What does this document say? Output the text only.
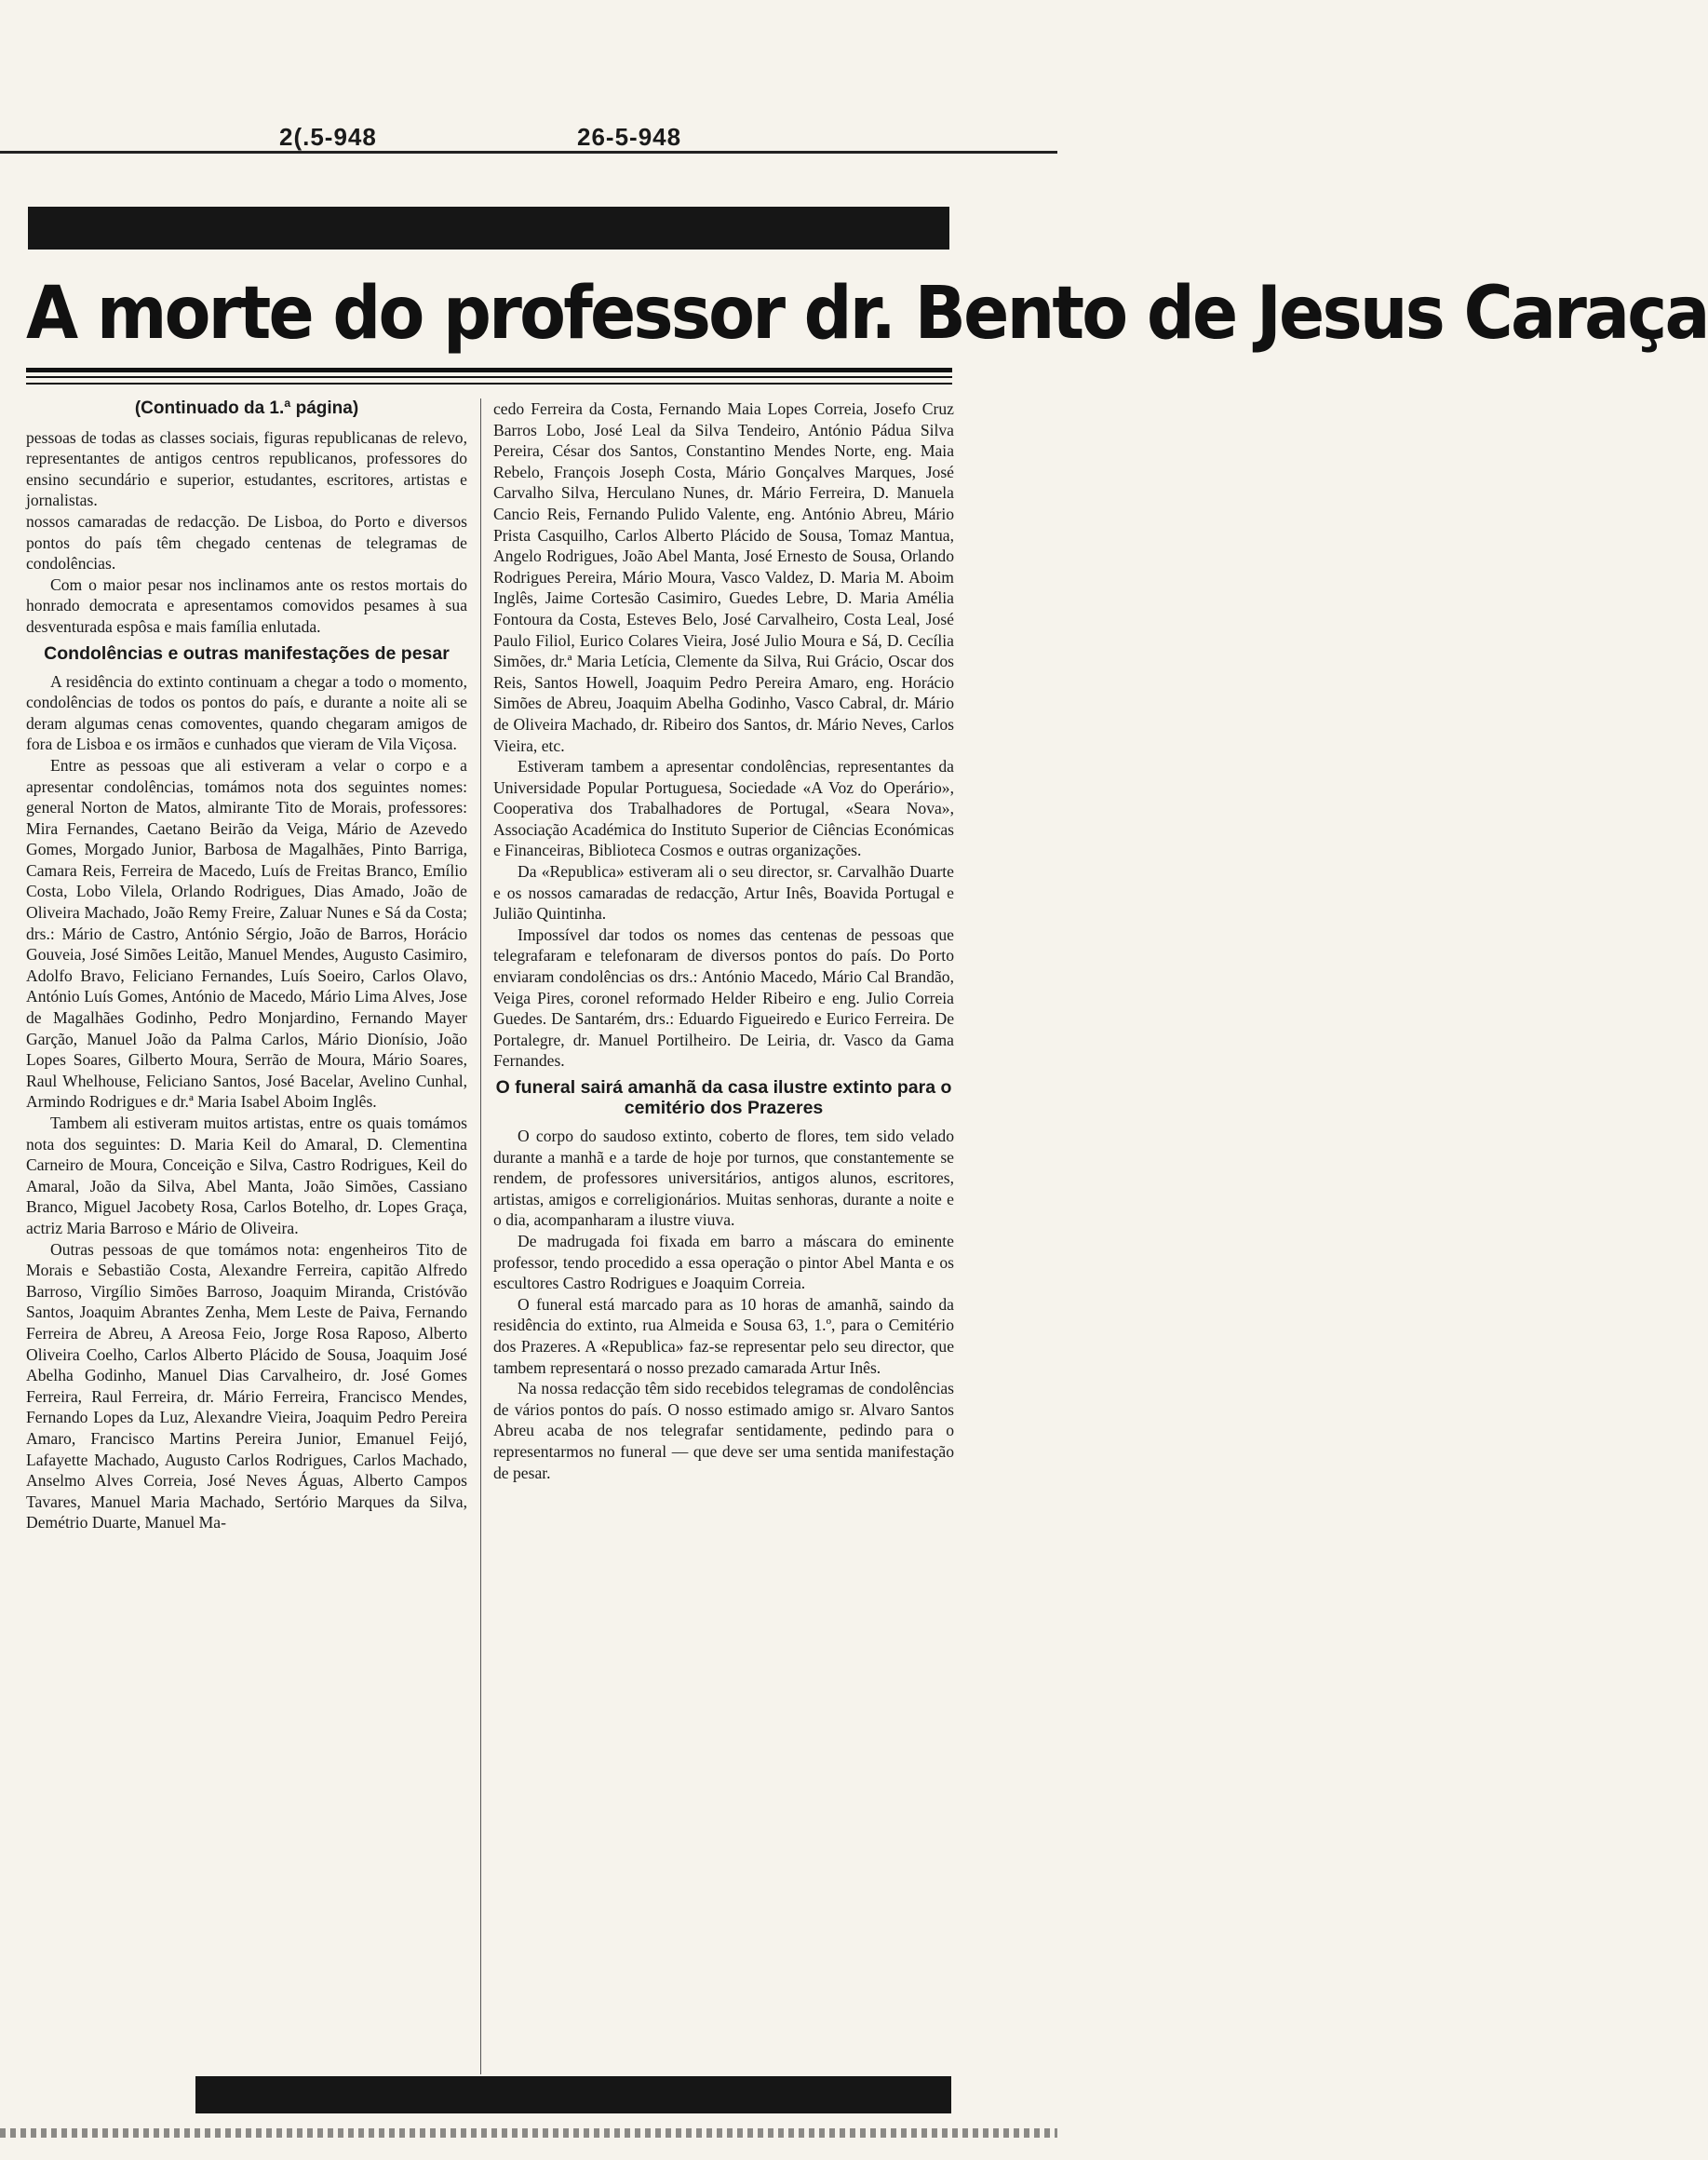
2(.5-948	26-5-948
A morte do professor dr. Bento de Jesus Caraça

(Continuado da 1.ª página)

pessoas de todas as classes sociais, figuras republicanas de relevo, representantes de antigos centros republicanos, professores do ensino secundário e superior, estudantes, escritores, artistas e jornalistas.

nossos camaradas de redacção. De Lisboa, do Porto e diversos pontos do país têm chegado centenas de telegramas de condolências.

Com o maior pesar nos inclinamos ante os restos mortais do honrado democrata e apresentamos comovidos pesames à sua desventurada espôsa e mais família enlutada.

Condolências e outras manifestações de pesar

A residência do extinto continuam a chegar a todo o momento, condolências de todos os pontos do país, e durante a noite ali se deram algumas cenas comoventes, quando chegaram amigos de fora de Lisboa e os irmãos e cunhados que vieram de Vila Viçosa.

Entre as pessoas que ali estiveram a velar o corpo e a apresentar condolências, tomámos nota dos seguintes nomes: general Norton de Matos, almirante Tito de Morais, professores: Mira Fernandes, Caetano Beirão da Veiga, Mário de Azevedo Gomes, Morgado Junior, Barbosa de Magalhães, Pinto Barriga, Camara Reis, Ferreira de Macedo, Luís de Freitas Branco, Emílio Costa, Lobo Vilela, Orlando Rodrigues, Dias Amado, João de Oliveira Machado, João Remy Freire, Zaluar Nunes e Sá da Costa; drs.: Mário de Castro, António Sérgio, João de Barros, Horácio Gouveia, José Simões Leitão, Manuel Mendes, Augusto Casimiro, Adolfo Bravo, Feliciano Fernandes, Luís Soeiro, Carlos Olavo, António Luís Gomes, António de Macedo, Mário Lima Alves, Jose de Magalhães Godinho, Pedro Monjardino, Fernando Mayer Garção, Manuel João da Palma Carlos, Mário Dionísio, João Lopes Soares, Gilberto Moura, Serrão de Moura, Mário Soares, Raul Whelhouse, Feliciano Santos, José Bacelar, Avelino Cunhal, Armindo Rodrigues e dr.ª Maria Isabel Aboim Inglês.

Tambem ali estiveram muitos artistas, entre os quais tomámos nota dos seguintes: D. Maria Keil do Amaral, D. Clementina Carneiro de Moura, Conceição e Silva, Castro Rodrigues, Keil do Amaral, João da Silva, Abel Manta, João Simões, Cassiano Branco, Miguel Jacobety Rosa, Carlos Botelho, dr. Lopes Graça, actriz Maria Barroso e Mário de Oliveira.

Outras pessoas de que tomámos nota: engenheiros Tito de Morais e Sebastião Costa, Alexandre Ferreira, capitão Alfredo Barroso, Virgílio Simões Barroso, Joaquim Miranda, Cristóvão Santos, Joaquim Abrantes Zenha, Mem Leste de Paiva, Fernando Ferreira de Abreu, A Areosa Feio, Jorge Rosa Raposo, Alberto Oliveira Coelho, Carlos Alberto Plácido de Sousa, Joaquim José Abelha Godinho, Manuel Dias Carvalheiro, dr. José Gomes Ferreira, Raul Ferreira, dr. Mário Ferreira, Francisco Mendes, Fernando Lopes da Luz, Alexandre Vieira, Joaquim Pedro Pereira Amaro, Francisco Martins Pereira Junior, Emanuel Feijó, Lafayette Machado, Augusto Carlos Rodrigues, Carlos Machado, Anselmo Alves Correia, José Neves Águas, Alberto Campos Tavares, Manuel Maria Machado, Sertório Marques da Silva, Demétrio Duarte, Manuel Ma-

cedo Ferreira da Costa, Fernando Maia Lopes Correia, Josefo Cruz Barros Lobo, José Leal da Silva Tendeiro, António Pádua Silva Pereira, César dos Santos, Constantino Mendes Norte, eng. Maia Rebelo, François Joseph Costa, Mário Gonçalves Marques, José Carvalho Silva, Herculano Nunes, dr. Mário Ferreira, D. Manuela Cancio Reis, Fernando Pulido Valente, eng. António Abreu, Mário Prista Casquilho, Carlos Alberto Plácido de Sousa, Tomaz Mantua, Angelo Rodrigues, João Abel Manta, José Ernesto de Sousa, Orlando Rodrigues Pereira, Mário Moura, Vasco Valdez, D. Maria M. Aboim Inglês, Jaime Cortesão Casimiro, Guedes Lebre, D. Maria Amélia Fontoura da Costa, Esteves Belo, José Carvalheiro, Costa Leal, José Paulo Filiol, Eurico Colares Vieira, José Julio Moura e Sá, D. Cecília Simões, dr.ª Maria Letícia, Clemente da Silva, Rui Grácio, Oscar dos Reis, Santos Howell, Joaquim Pedro Pereira Amaro, eng. Horácio Simões de Abreu, Joaquim Abelha Godinho, Vasco Cabral, dr. Mário de Oliveira Machado, dr. Ribeiro dos Santos, dr. Mário Neves, Carlos Vieira, etc.

Estiveram tambem a apresentar condolências, representantes da Universidade Popular Portuguesa, Sociedade «A Voz do Operário», Cooperativa dos Trabalhadores de Portugal, «Seara Nova», Associação Académica do Instituto Superior de Ciências Económicas e Financeiras, Biblioteca Cosmos e outras organizações.

Da «Republica» estiveram ali o seu director, sr. Carvalhão Duarte e os nossos camaradas de redacção, Artur Inês, Boavida Portugal e Julião Quintinha.

Impossível dar todos os nomes das centenas de pessoas que telegrafaram e telefonaram de diversos pontos do país. Do Porto enviaram condolências os drs.: António Macedo, Mário Cal Brandão, Veiga Pires, coronel reformado Helder Ribeiro e eng. Julio Correia Guedes. De Santarém, drs.: Eduardo Figueiredo e Eurico Ferreira. De Portalegre, dr. Manuel Portilheiro. De Leiria, dr. Vasco da Gama Fernandes.

O funeral sairá amanhã da casa ilustre extinto para o cemitério dos Prazeres

O corpo do saudoso extinto, coberto de flores, tem sido velado durante a manhã e a tarde de hoje por turnos, que constantemente se rendem, de professores universitários, antigos alunos, escritores, artistas, amigos e correligionários. Muitas senhoras, durante a noite e o dia, acompanharam a ilustre viuva.

De madrugada foi fixada em barro a máscara do eminente professor, tendo procedido a essa operação o pintor Abel Manta e os escultores Castro Rodrigues e Joaquim Correia.

O funeral está marcado para as 10 horas de amanhã, saindo da residência do extinto, rua Almeida e Sousa 63, 1.º, para o Cemitério dos Prazeres. A «Republica» faz-se representar pelo seu director, que tambem representará o nosso prezado camarada Artur Inês.

Na nossa redacção têm sido recebidos telegramas de condolências de vários pontos do país. O nosso estimado amigo sr. Alvaro Santos Abreu acaba de nos telegrafar sentidamente, pedindo para o representarmos no funeral — que deve ser uma sentida manifestação de pesar.
